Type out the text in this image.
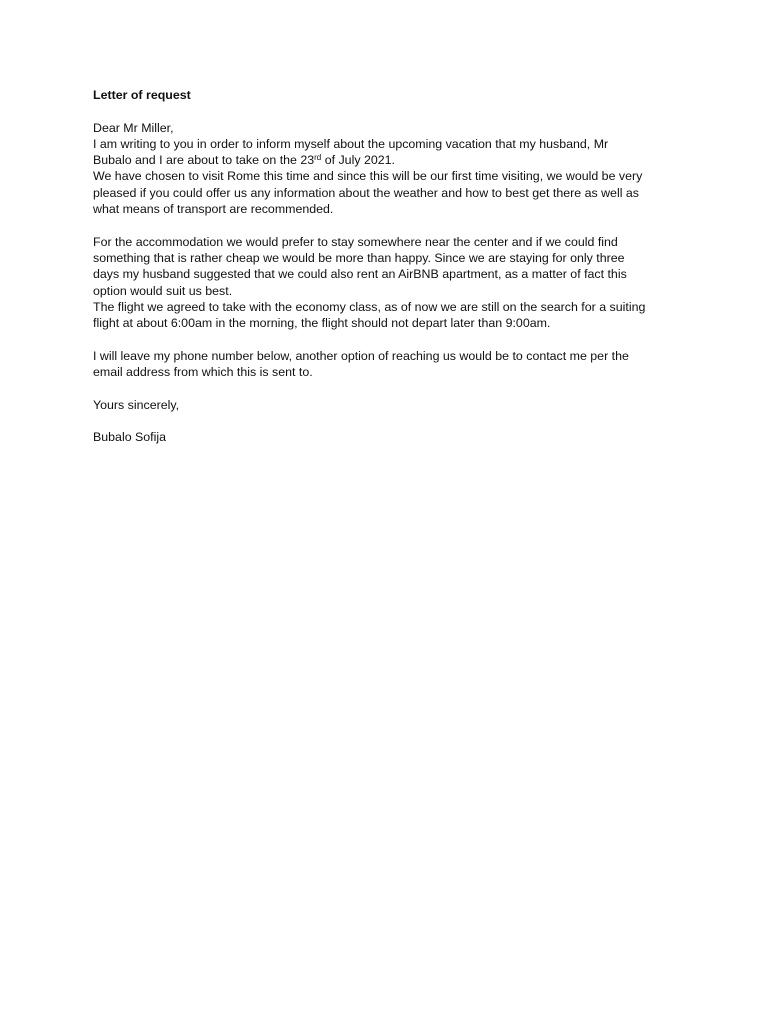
Letter of request
Dear Mr Miller,
I am writing to you in order to inform myself about the upcoming vacation that my husband, Mr
Bubalo and I are about to take on the 23rd of July 2021.
We have chosen to visit Rome this time and since this will be our first time visiting, we would be very
pleased if you could offer us any information about the weather and how to best get there as well as
what means of transport are recommended.
For the accommodation we would prefer to stay somewhere near the center and if we could find
something that is rather cheap we would be more than happy. Since we are staying for only three
days my husband suggested that we could also rent an AirBNB apartment, as a matter of fact this
option would suit us best.
The flight we agreed to take with the economy class, as of now we are still on the search for a suiting
flight at about 6:00am in the morning, the flight should not depart later than 9:00am.
I will leave my phone number below, another option of reaching us would be to contact me per the
email address from which this is sent to.
Yours sincerely,
Bubalo Sofija
